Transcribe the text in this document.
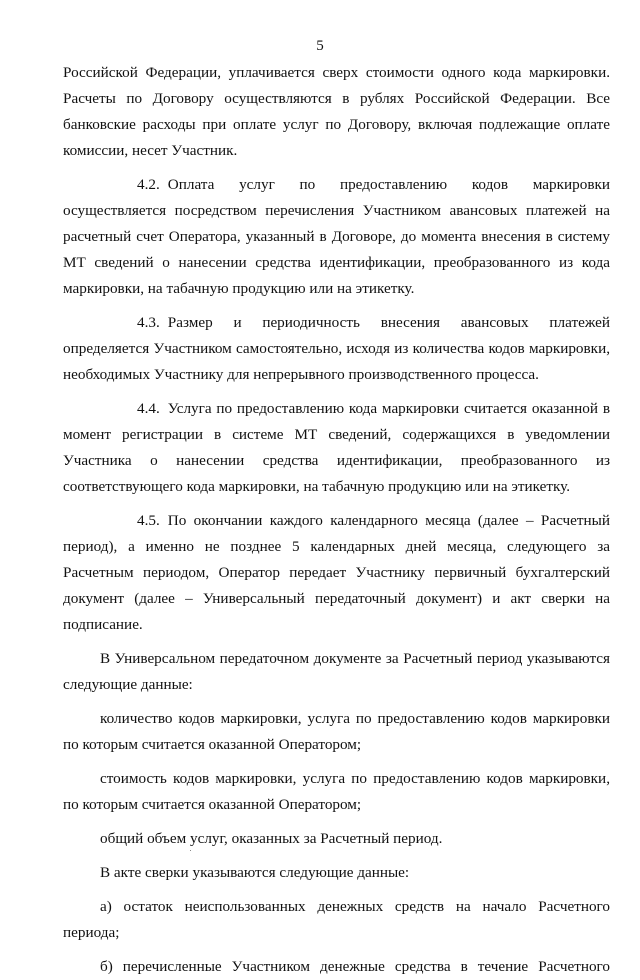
5

Российской Федерации, уплачивается сверх стоимости одного кода маркировки. Расчеты по Договору осуществляются в рублях Российской Федерации. Все банковские расходы при оплате услуг по Договору, включая подлежащие оплате комиссии, несет Участник.

4.2. Оплата услуг по предоставлению кодов маркировки осуществляется посредством перечисления Участником авансовых платежей на расчетный счет Оператора, указанный в Договоре, до момента внесения в систему МТ сведений о нанесении средства идентификации, преобразованного из кода маркировки, на табачную продукцию или на этикетку.

4.3. Размер и периодичность внесения авансовых платежей определяется Участником самостоятельно, исходя из количества кодов маркировки, необходимых Участнику для непрерывного производственного процесса.

4.4. Услуга по предоставлению кода маркировки считается оказанной в момент регистрации в системе МТ сведений, содержащихся в уведомлении Участника о нанесении средства идентификации, преобразованного из соответствующего кода маркировки, на табачную продукцию или на этикетку.

4.5. По окончании каждого календарного месяца (далее – Расчетный период), а именно не позднее 5 календарных дней месяца, следующего за Расчетным периодом, Оператор передает Участнику первичный бухгалтерский документ (далее – Универсальный передаточный документ) и акт сверки на подписание.

В Универсальном передаточном документе за Расчетный период указываются следующие данные:

количество кодов маркировки, услуга по предоставлению кодов маркировки по которым считается оказанной Оператором;

стоимость кодов маркировки, услуга по предоставлению кодов маркировки, по которым считается оказанной Оператором;

общий объем услуг, оказанных за Расчетный период.

В акте сверки указываются следующие данные:

а) остаток неиспользованных денежных средств на начало Расчетного периода;

б) перечисленные Участником денежные средства в течение Расчетного
